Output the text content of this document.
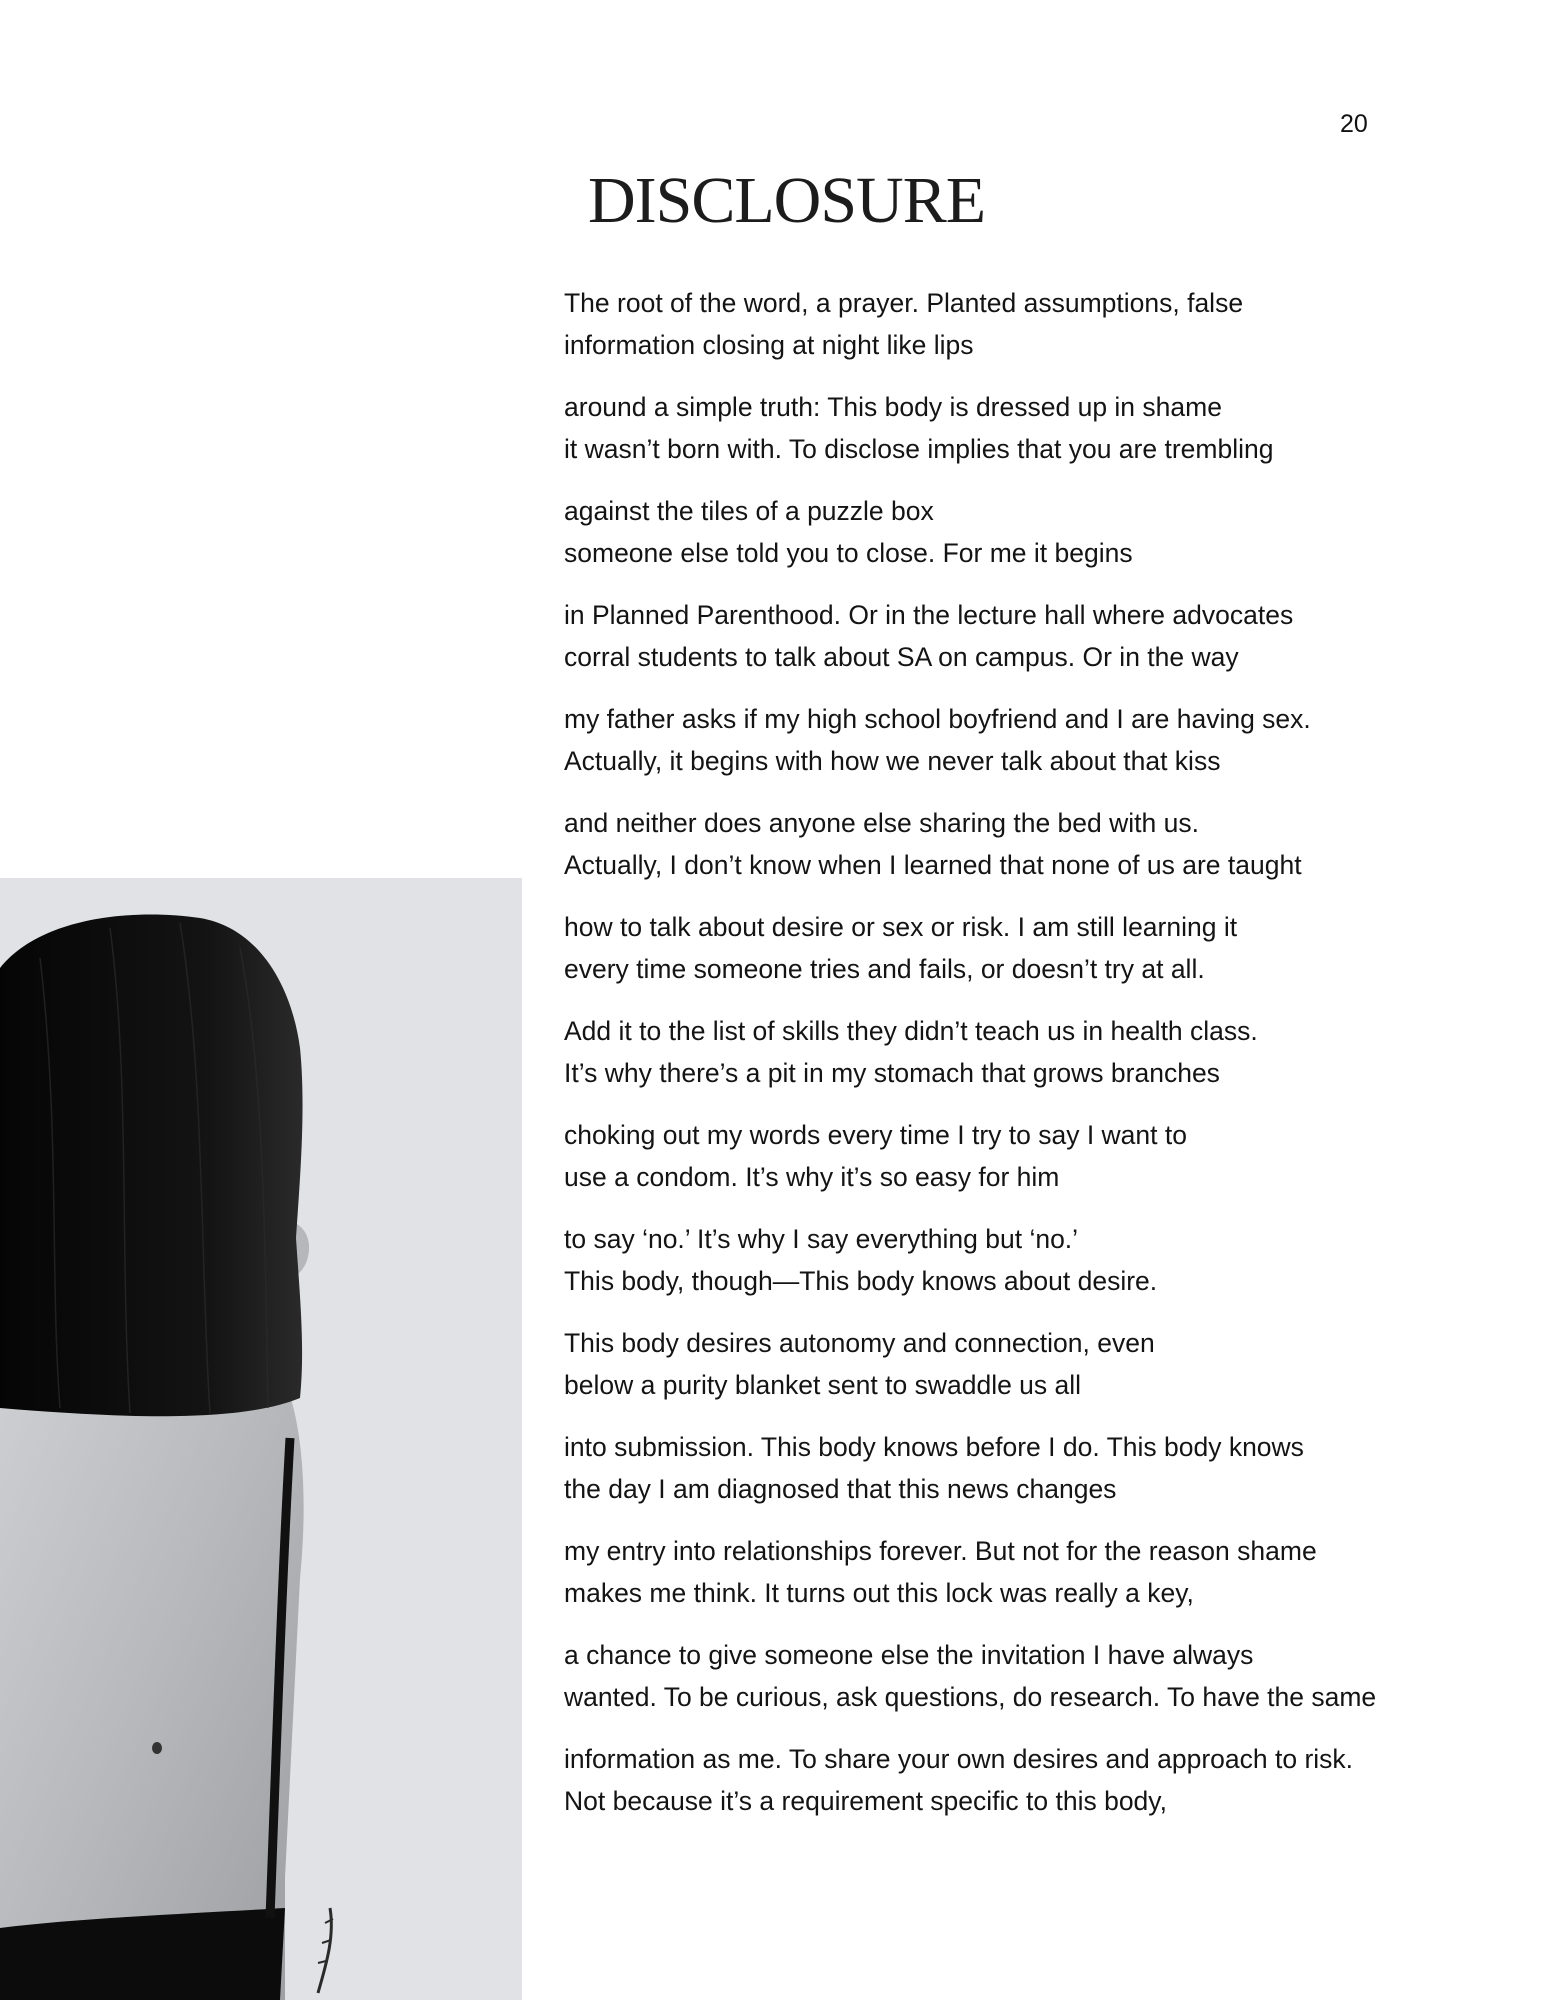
20
DISCLOSURE
The root of the word, a prayer. Planted assumptions, false
information closing at night like lips
around a simple truth: This body is dressed up in shame
it wasn’t born with. To disclose implies that you are trembling
against the tiles of a puzzle box
someone else told you to close. For me it begins
in Planned Parenthood. Or in the lecture hall where advocates
corral students to talk about SA on campus. Or in the way
my father asks if my high school boyfriend and I are having sex.
Actually, it begins with how we never talk about that kiss
and neither does anyone else sharing the bed with us.
Actually, I don’t know when I learned that none of us are taught
how to talk about desire or sex or risk. I am still learning it
every time someone tries and fails, or doesn’t try at all.
Add it to the list of skills they didn’t teach us in health class.
It’s why there’s a pit in my stomach that grows branches
choking out my words every time I try to say I want to
use a condom. It’s why it’s so easy for him
to say ‘no.’ It’s why I say everything but ‘no.’
This body, though—This body knows about desire.
This body desires autonomy and connection, even
below a purity blanket sent to swaddle us all
into submission. This body knows before I do. This body knows
the day I am diagnosed that this news changes
my entry into relationships forever. But not for the reason shame
makes me think. It turns out this lock was really a key,
a chance to give someone else the invitation I have always
wanted. To be curious, ask questions, do research. To have the same
information as me. To share your own desires and approach to risk.
Not because it’s a requirement specific to this body,
